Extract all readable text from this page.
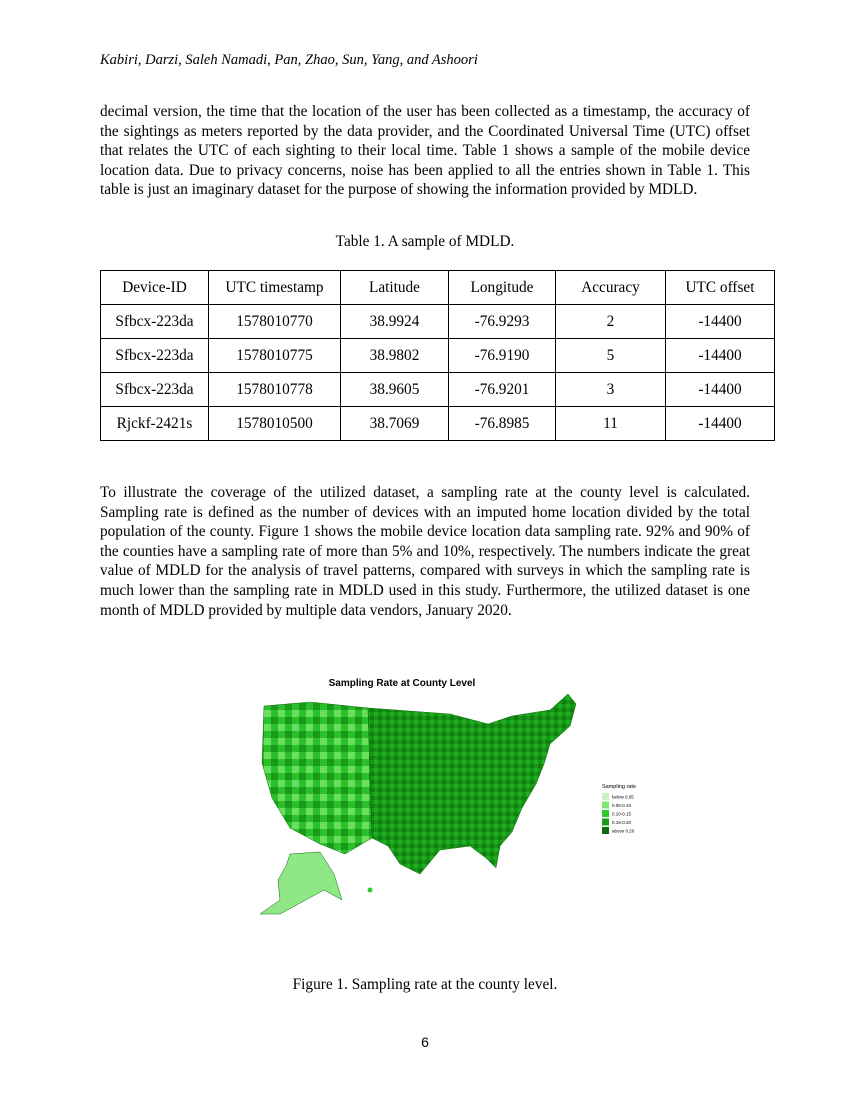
Kabiri, Darzi, Saleh Namadi, Pan, Zhao, Sun, Yang, and Ashoori

decimal version, the time that the location of the user has been collected as a timestamp, the accuracy of the sightings as meters reported by the data provider, and the Coordinated Universal Time (UTC) offset that relates the UTC of each sighting to their local time. Table 1 shows a sample of the mobile device location data. Due to privacy concerns, noise has been applied to all the entries shown in Table 1. This table is just an imaginary dataset for the purpose of showing the information provided by MDLD.

Table 1. A sample of MDLD.
Device-ID	UTC timestamp	Latitude	Longitude	Accuracy	UTC offset
Sfbcx-223da	1578010770	38.9924	-76.9293	2	-14400
Sfbcx-223da	1578010775	38.9802	-76.9190	5	-14400
Sfbcx-223da	1578010778	38.9605	-76.9201	3	-14400
Rjckf-2421s	1578010500	38.7069	-76.8985	11	-14400

To illustrate the coverage of the utilized dataset, a sampling rate at the county level is calculated. Sampling rate is defined as the number of devices with an imputed home location divided by the total population of the county. Figure 1 shows the mobile device location data sampling rate. 92% and 90% of the counties have a sampling rate of more than 5% and 10%, respectively. The numbers indicate the great value of MDLD for the analysis of travel patterns, compared with surveys in which the sampling rate is much lower than the sampling rate in MDLD used in this study. Furthermore, the utilized dataset is one month of MDLD provided by multiple data vendors, January 2020.

Sampling Rate at County Level
Sampling rate
below 0.05
0.05-0.10
0.10-0.15
0.15-0.20
above 0.20
Figure 1. Sampling rate at the county level.
6
